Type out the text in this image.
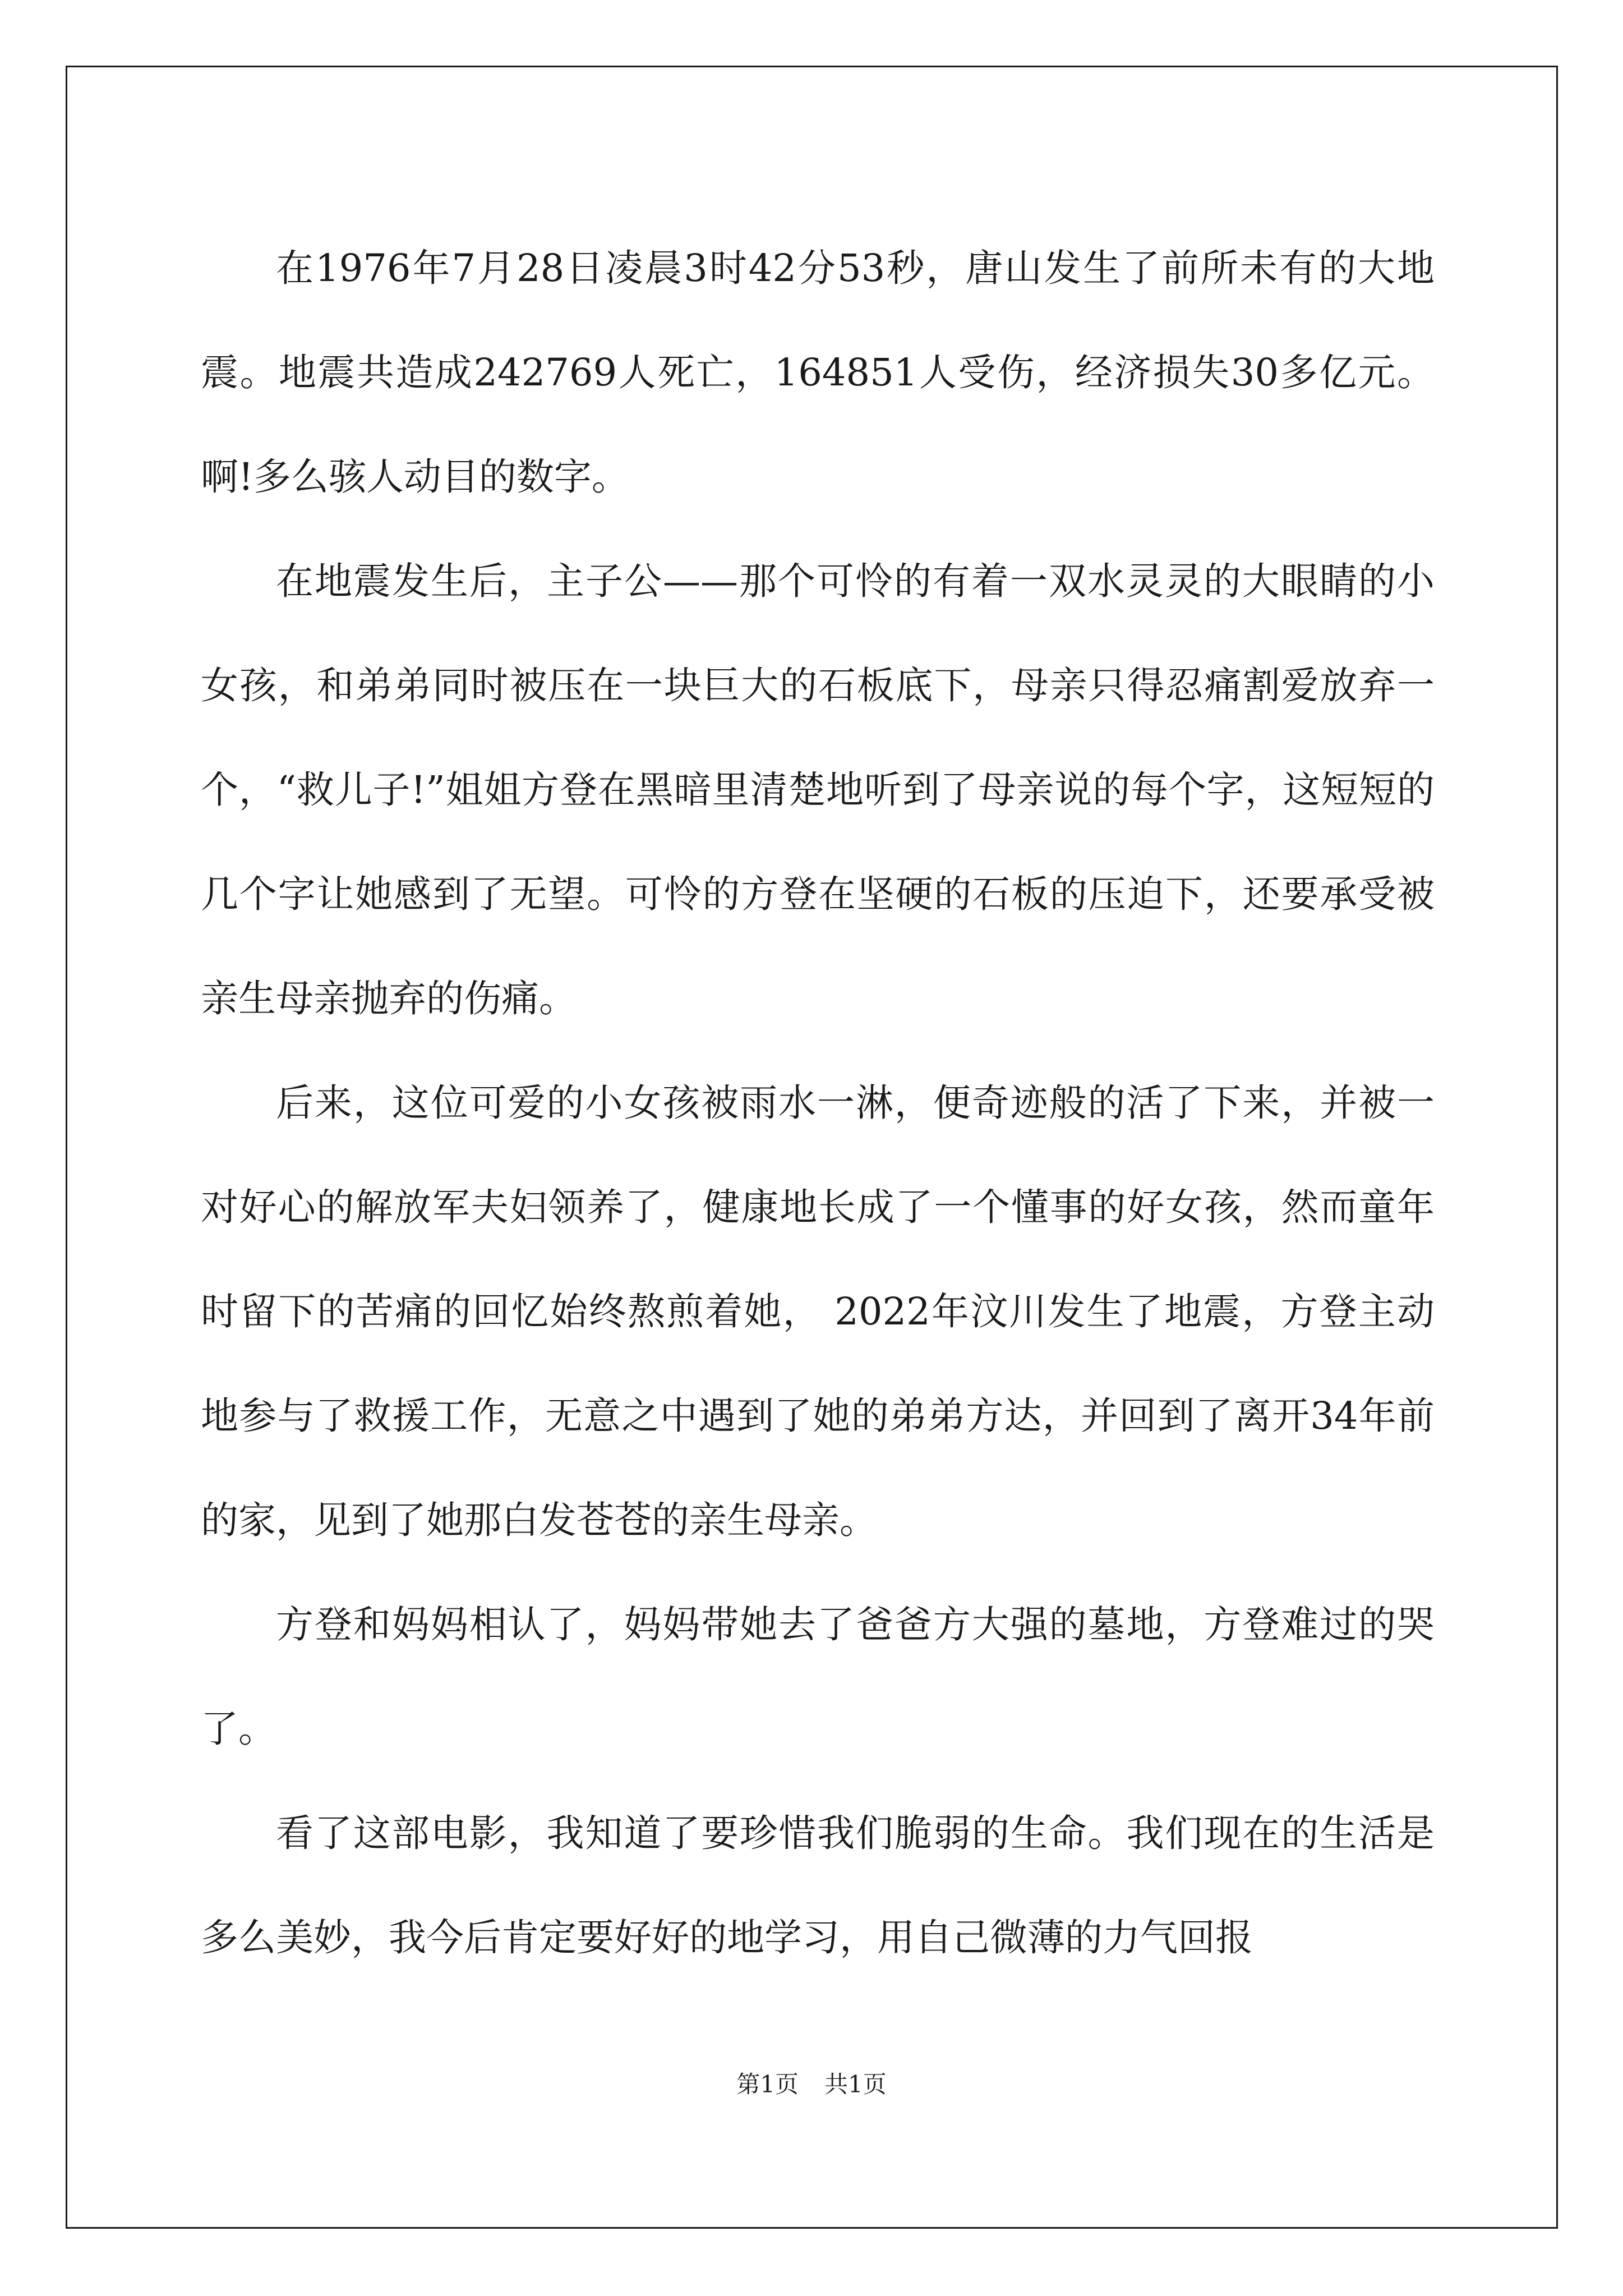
在1976年7月28日凌晨3时42分53秒，唐山发生了前所未有的大地震。地震共造成242769人死亡，164851人受伤，经济损失30多亿元。啊!多么骇人动目的数字。

在地震发生后，主子公——那个可怜的有着一双水灵灵的大眼睛的小女孩，和弟弟同时被压在一块巨大的石板底下，母亲只得忍痛割爱放弃一个，“救儿子!”姐姐方登在黑暗里清楚地听到了母亲说的每个字，这短短的几个字让她感到了无望。可怜的方登在坚硬的石板的压迫下，还要承受被亲生母亲抛弃的伤痛。

后来，这位可爱的小女孩被雨水一淋，便奇迹般的活了下来，并被一对好心的解放军夫妇领养了，健康地长成了一个懂事的好女孩，然而童年时留下的苦痛的回忆始终熬煎着她， 2022年汶川发生了地震，方登主动地参与了救援工作，无意之中遇到了她的弟弟方达，并回到了离开34年前的家，见到了她那白发苍苍的亲生母亲。

方登和妈妈相认了，妈妈带她去了爸爸方大强的墓地，方登难过的哭了。

看了这部电影，我知道了要珍惜我们脆弱的生命。我们现在的生活是多么美妙，我今后肯定要好好的地学习，用自己微薄的力气回报

第1页 共1页
